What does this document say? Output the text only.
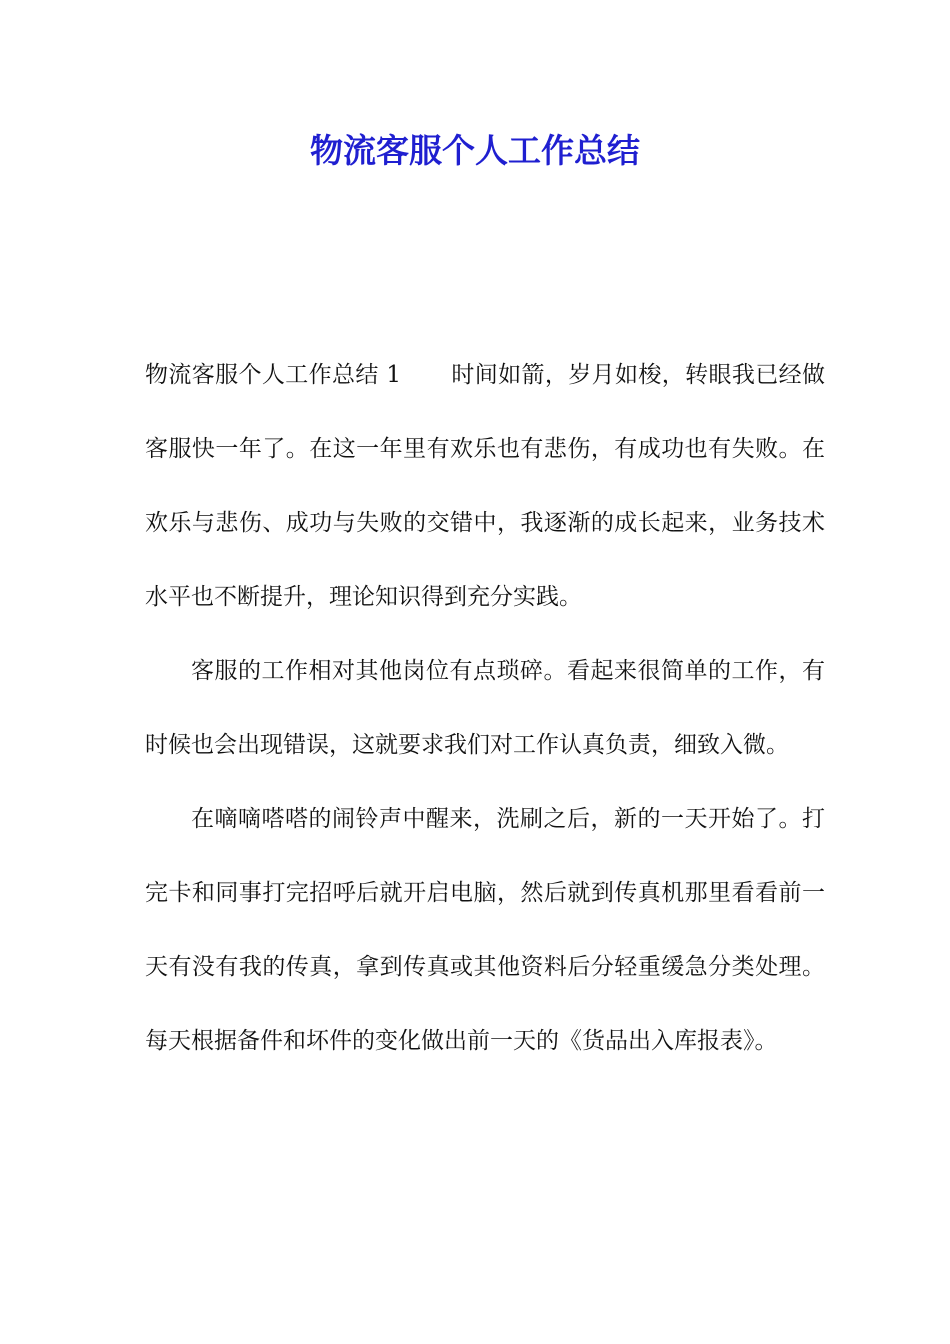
物流客服个人工作总结

物流客服个人工作总结 1 时间如箭，岁月如梭，转眼我已经做客服快一年了。在这一年里有欢乐也有悲伤，有成功也有失败。在欢乐与悲伤、成功与失败的交错中，我逐渐的成长起来，业务技术水平也不断提升，理论知识得到充分实践。

客服的工作相对其他岗位有点琐碎。看起来很简单的工作，有时候也会出现错误，这就要求我们对工作认真负责，细致入微。

在嘀嘀嗒嗒的闹铃声中醒来，洗刷之后，新的一天开始了。打完卡和同事打完招呼后就开启电脑，然后就到传真机那里看看前一天有没有我的传真，拿到传真或其他资料后分轻重缓急分类处理。每天根据备件和坏件的变化做出前一天的《货品出入库报表》。
